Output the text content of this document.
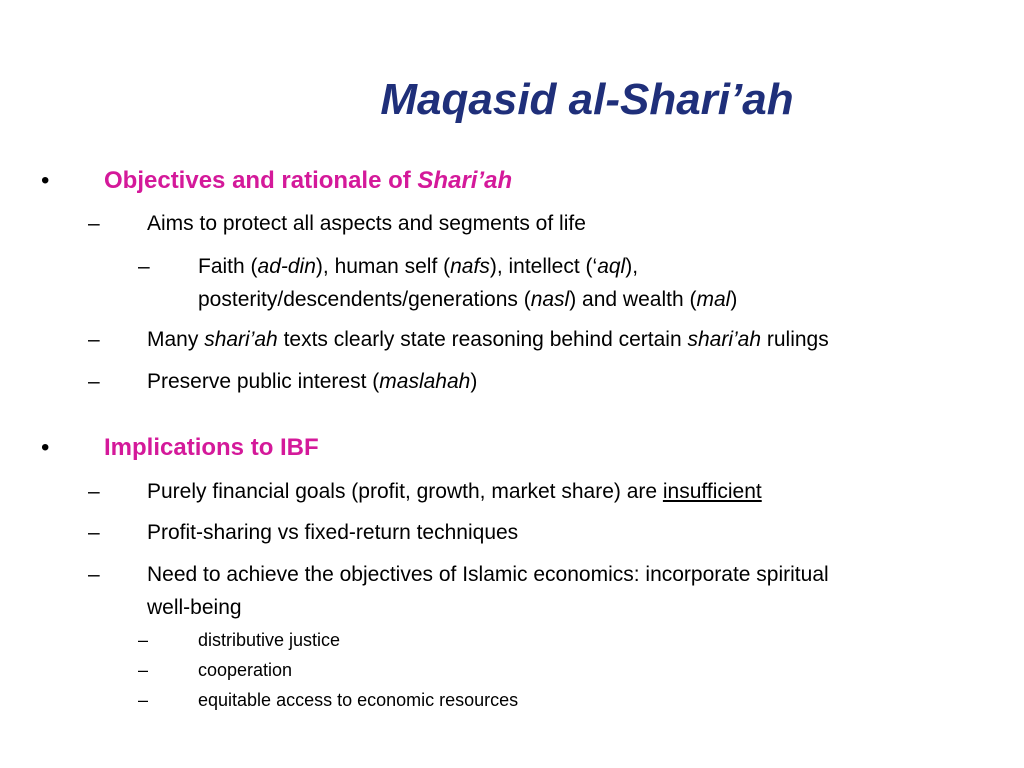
Maqasid al-Shari’ah
• Objectives and rationale of Shari’ah
– Aims to protect all aspects and segments of life
– Faith (ad-din), human self (nafs), intellect (‘aql),
posterity/descendents/generations (nasl) and wealth (mal)
– Many shari’ah texts clearly state reasoning behind certain shari’ah rulings
– Preserve public interest (maslahah)
• Implications to IBF
– Purely financial goals (profit, growth, market share) are insufficient
– Profit-sharing vs fixed-return techniques
– Need to achieve the objectives of Islamic economics: incorporate spiritual
well-being
–	distributive justice
–	cooperation
–	equitable access to economic resources
